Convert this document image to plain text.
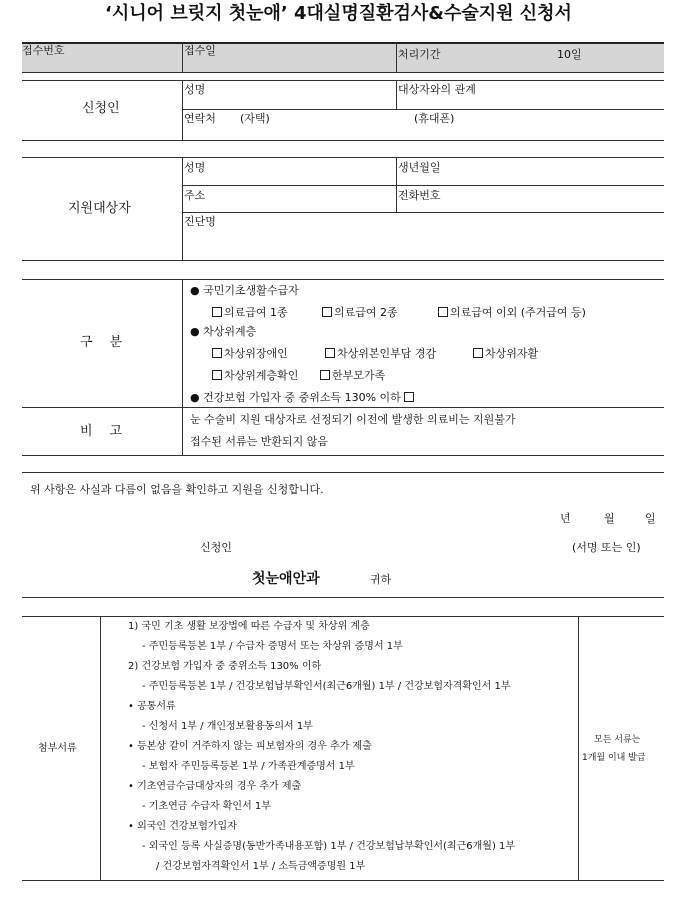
‘시니어 브릿지 첫눈애’ 4대실명질환검사&수술지원 신청서
접수번호	접수일	처리기간	10일
신청인
성명	대상자와의 관계
연락처 (자택)	(휴대폰)
지원대상자
성명	생년월일
주소	전화번호
진단명
구　분
● 국민기초생활수급자
의료급여 1종	의료급여 2종	의료급여 이외 (주거급여 등)
● 차상위계층
차상위장애인	차상위본인부담 경감	차상위자활
차상위계층확인	한부모가족
● 건강보험 가입자 중 중위소득 130% 이하
비　고
눈 수술비 지원 대상자로 선정되기 이전에 발생한 의료비는 지원불가
접수된 서류는 반환되지 않음
위 사항은 사실과 다름이 없음을 확인하고 지원을 신청합니다.
년	월	일
신청인	(서명 또는 인)
첫눈애안과	귀하
첨부서류
1) 국민 기초 생활 보장법에 따른 수급자 및 차상위 계층
- 주민등록등본 1부 / 수급자 증명서 또는 차상위 증명서 1부
2) 건강보험 가입자 중 중위소득 130% 이하
- 주민등록등본 1부 / 건강보험납부확인서(최근6개월) 1부 / 건강보험자격확인서 1부
• 공통서류
- 신청서 1부 / 개인정보활용동의서 1부
• 등본상 같이 거주하지 않는 피보험자의 경우 추가 제출
- 보험자 주민등록등본 1부 / 가족관계증명서 1부
• 기초연금수급대상자의 경우 추가 제출
- 기초연금 수급자 확인서 1부
• 외국인 건강보험가입자
- 외국인 등록 사실증명(동반가족내용포함) 1부 / 건강보험납부확인서(최근6개월) 1부
/ 건강보험자격확인서 1부 / 소득금액증명원 1부
모든 서류는
1개월 이내 발급
